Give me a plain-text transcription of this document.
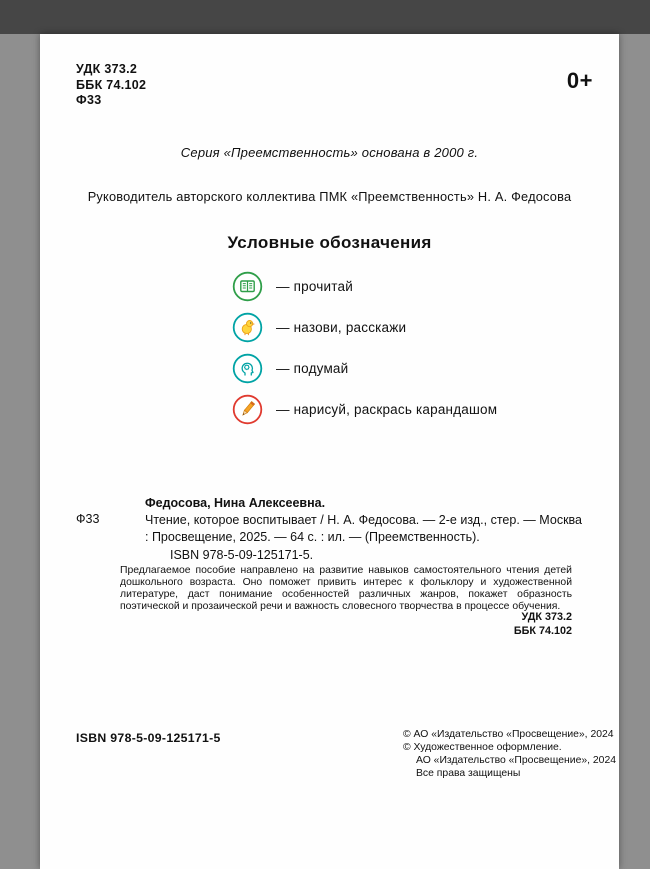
УДК 373.2
ББК 74.102
Ф33
0+
Серия «Преемственность» основана в 2000 г.
Руководитель авторского коллектива ПМК «Преемственность» Н. А. Федосова
Условные обозначения
— прочитай
— назови, расскажи
— подумай
— нарисуй, раскрась карандашом
Федосова, Нина Алексеевна.
Ф33	Чтение, которое воспитывает / Н. А. Федосова. — 2-е изд., стер. — Москва : Просвещение, 2025. — 64 с. : ил. — (Преемственность).
ISBN 978-5-09-125171-5.
Предлагаемое пособие направлено на развитие навыков самостоятельного чтения детей дошкольного возраста. Оно поможет привить интерес к фольклору и художественной литературе, даст понимание особенностей различных жанров, покажет образность поэтической и прозаической речи и важность словесного творчества в процессе обучения.
УДК 373.2
ББК 74.102
ISBN 978-5-09-125171-5	© АО «Издательство «Просвещение», 2024
© Художественное оформление.
АО «Издательство «Просвещение», 2024
Все права защищены
